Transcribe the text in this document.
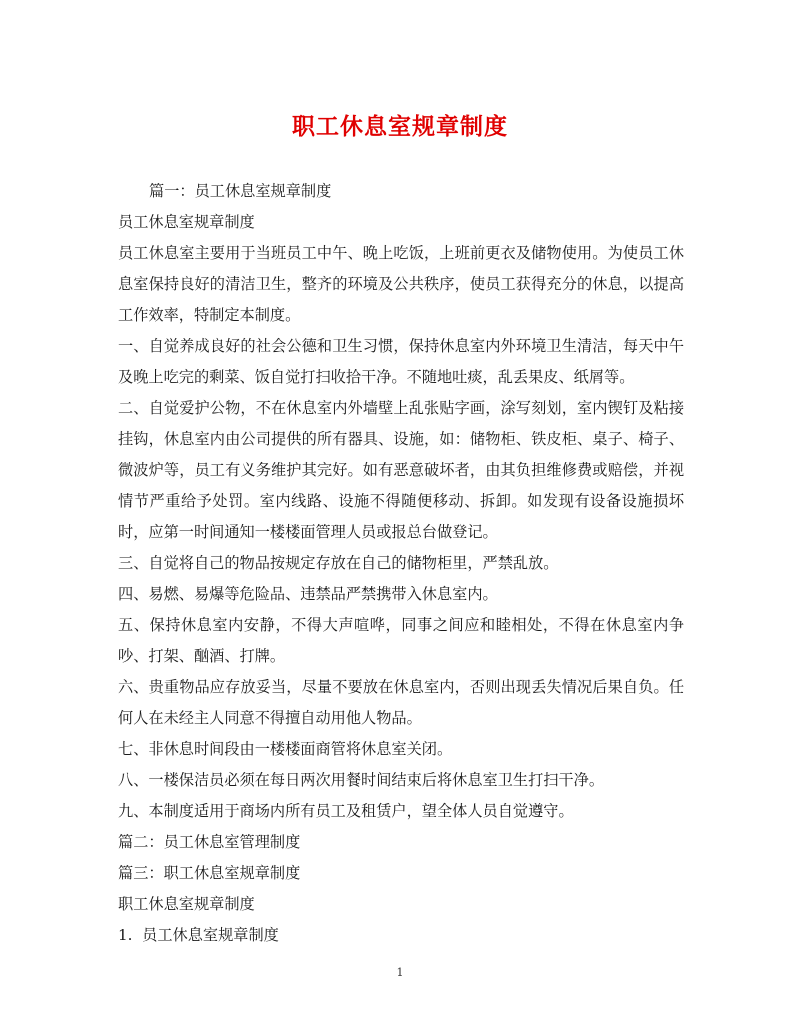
职工休息室规章制度

篇一：员工休息室规章制度

员工休息室规章制度

员工休息室主要用于当班员工中午、晚上吃饭，上班前更衣及储物使用。为使员工休息室保持良好的清洁卫生，整齐的环境及公共秩序，使员工获得充分的休息，以提高工作效率，特制定本制度。

一、自觉养成良好的社会公德和卫生习惯，保持休息室内外环境卫生清洁，每天中午及晚上吃完的剩菜、饭自觉打扫收拾干净。不随地吐痰，乱丢果皮、纸屑等。

二、自觉爱护公物，不在休息室内外墙壁上乱张贴字画，涂写刻划，室内锲钉及粘接挂钩，休息室内由公司提供的所有器具、设施，如：储物柜、铁皮柜、桌子、椅子、微波炉等，员工有义务维护其完好。如有恶意破坏者，由其负担维修费或赔偿，并视情节严重给予处罚。室内线路、设施不得随便移动、拆卸。如发现有设备设施损坏时，应第一时间通知一楼楼面管理人员或报总台做登记。

三、自觉将自己的物品按规定存放在自己的储物柜里，严禁乱放。

四、易燃、易爆等危险品、违禁品严禁携带入休息室内。

五、保持休息室内安静，不得大声喧哗，同事之间应和睦相处，不得在休息室内争吵、打架、酗酒、打牌。

六、贵重物品应存放妥当，尽量不要放在休息室内，否则出现丢失情况后果自负。任何人在未经主人同意不得擅自动用他人物品。

七、非休息时间段由一楼楼面商管将休息室关闭。

八、一楼保洁员必须在每日两次用餐时间结束后将休息室卫生打扫干净。

九、本制度适用于商场内所有员工及租赁户，望全体人员自觉遵守。

篇二：员工休息室管理制度

篇三：职工休息室规章制度

职工休息室规章制度

1.  员工休息室规章制度

1
